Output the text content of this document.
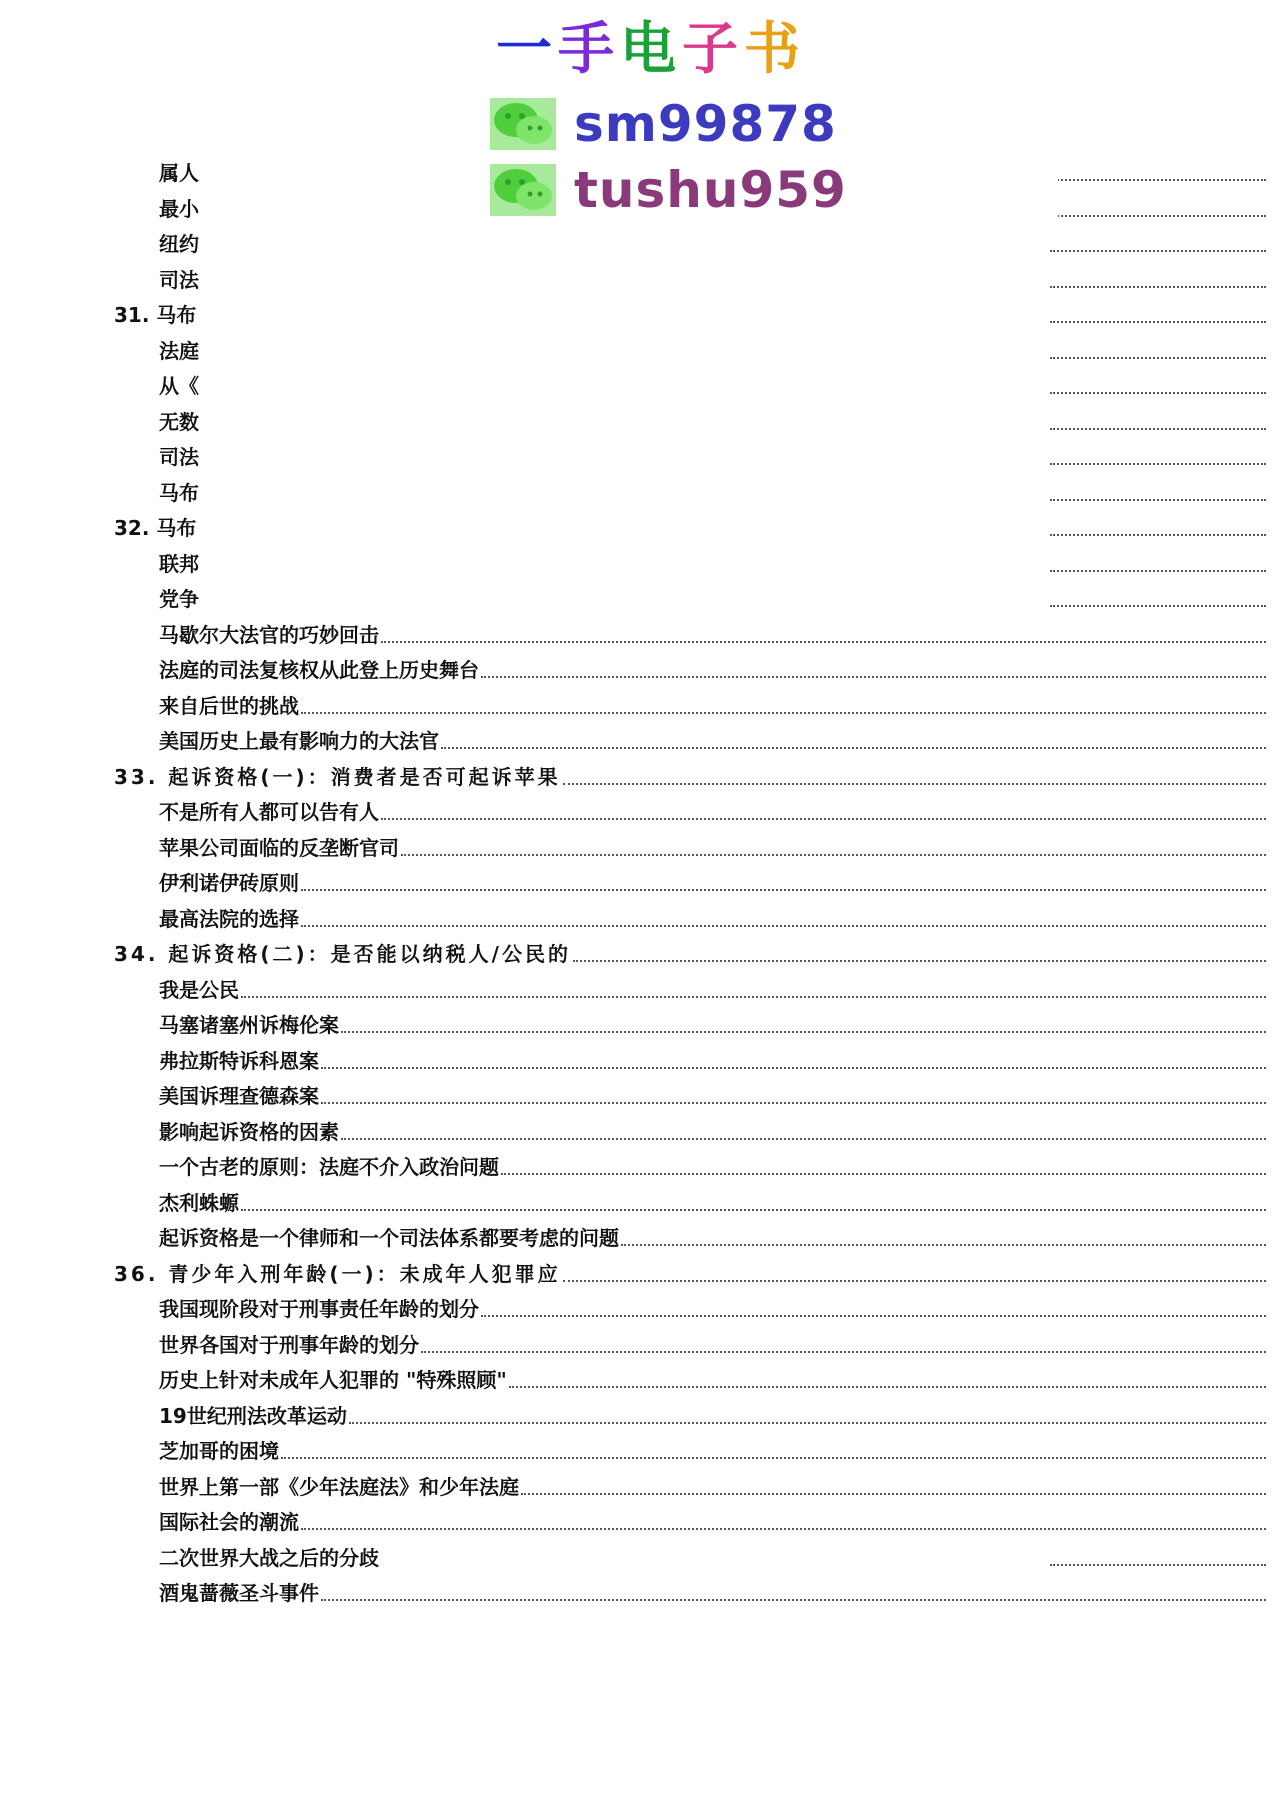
属人
最小
纽约
司法
31. 马布
法庭
从《
无数
司法
马布
32. 马布
联邦
党争
马歇尔大法官的巧妙回击
法庭的司法复核权从此登上历史舞台
来自后世的挑战
美国历史上最有影响力的大法官
33. 起诉资格(一)：消费者是否可起诉苹果
不是所有人都可以告有人
苹果公司面临的反垄断官司
伊利诺伊砖原则
最高法院的选择
34. 起诉资格(二)：是否能以纳税人/公民的
我是公民
马塞诸塞州诉梅伦案
弗拉斯特诉科恩案
美国诉理查德森案
影响起诉资格的因素
一个古老的原则：法庭不介入政治问题
杰利蛛螈
起诉资格是一个律师和一个司法体系都要考虑的问题
36. 青少年入刑年龄(一)：未成年人犯罪应
我国现阶段对于刑事责任年龄的划分
世界各国对于刑事年龄的划分
历史上针对未成年人犯罪的 "特殊照顾"
19世纪刑法改革运动
芝加哥的困境
世界上第一部《少年法庭法》和少年法庭
国际社会的潮流
二次世界大战之后的分歧
酒鬼蔷薇圣斗事件
一手电子书
sm99878
tushu959
